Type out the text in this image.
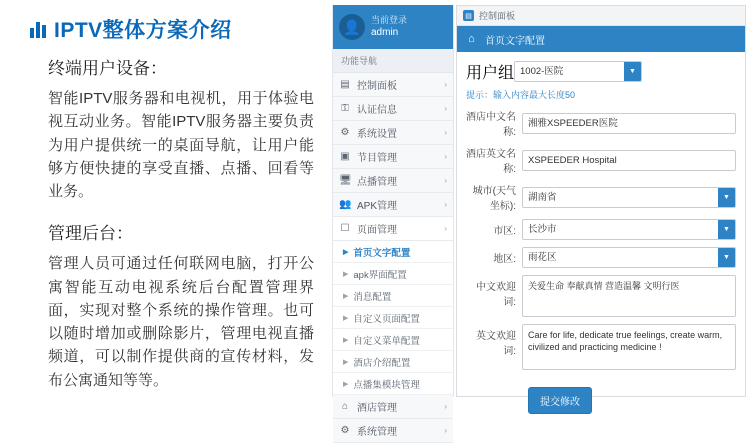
IPTV整体方案介绍
终端用户设备：

智能IPTV服务器和电视机，用于体验电视互动业务。智能IPTV服务器主要负责为用户提供统一的桌面导航，让用户能够方便快捷的享受直播、点播、回看等业务。

管理后台：

管理人员可通过任何联网电脑，打开公寓智能互动电视系统后台配置管理界面，实现对整个系统的操作管理。也可以随时增加或删除影片，管理电视直播频道，可以制作提供商的宣传材料，发布公寓通知等等。

👤	当前登录
admin
功能导航
▤ 控制面板	›
⚿ 认证信息	›
⚙ 系统设置	›
▣ 节目管理	›
🖥 点播管理	›
👥 APK管理	›
☐ 页面管理	›
▶ 首页文字配置
▶ apk界面配置
▶ 消息配置
▶ 自定义页面配置
▶ 自定义菜单配置
▶ 酒店介绍配置
▶ 点播集模块管理
⌂ 酒店管理	›
⚙ 系统管理	›
▤ 控制面板
⌂	首页文字配置
用户组 1002-医院	▼
提示：输入内容最大长度50
酒店中文名称:
湘雅XSPEEDER医院
酒店英文名称:
XSPEEDER Hospital
城市(天气坐标):
湖南省	▼
市区:	长沙市	▼
地区:	雨花区	▼
中文欢迎词:
关爱生命 奉献真情 营造温馨 文明行医
英文欢迎词:
Care for life, dedicate true feelings, create warm, civilized and practicing medicine !
提交修改
